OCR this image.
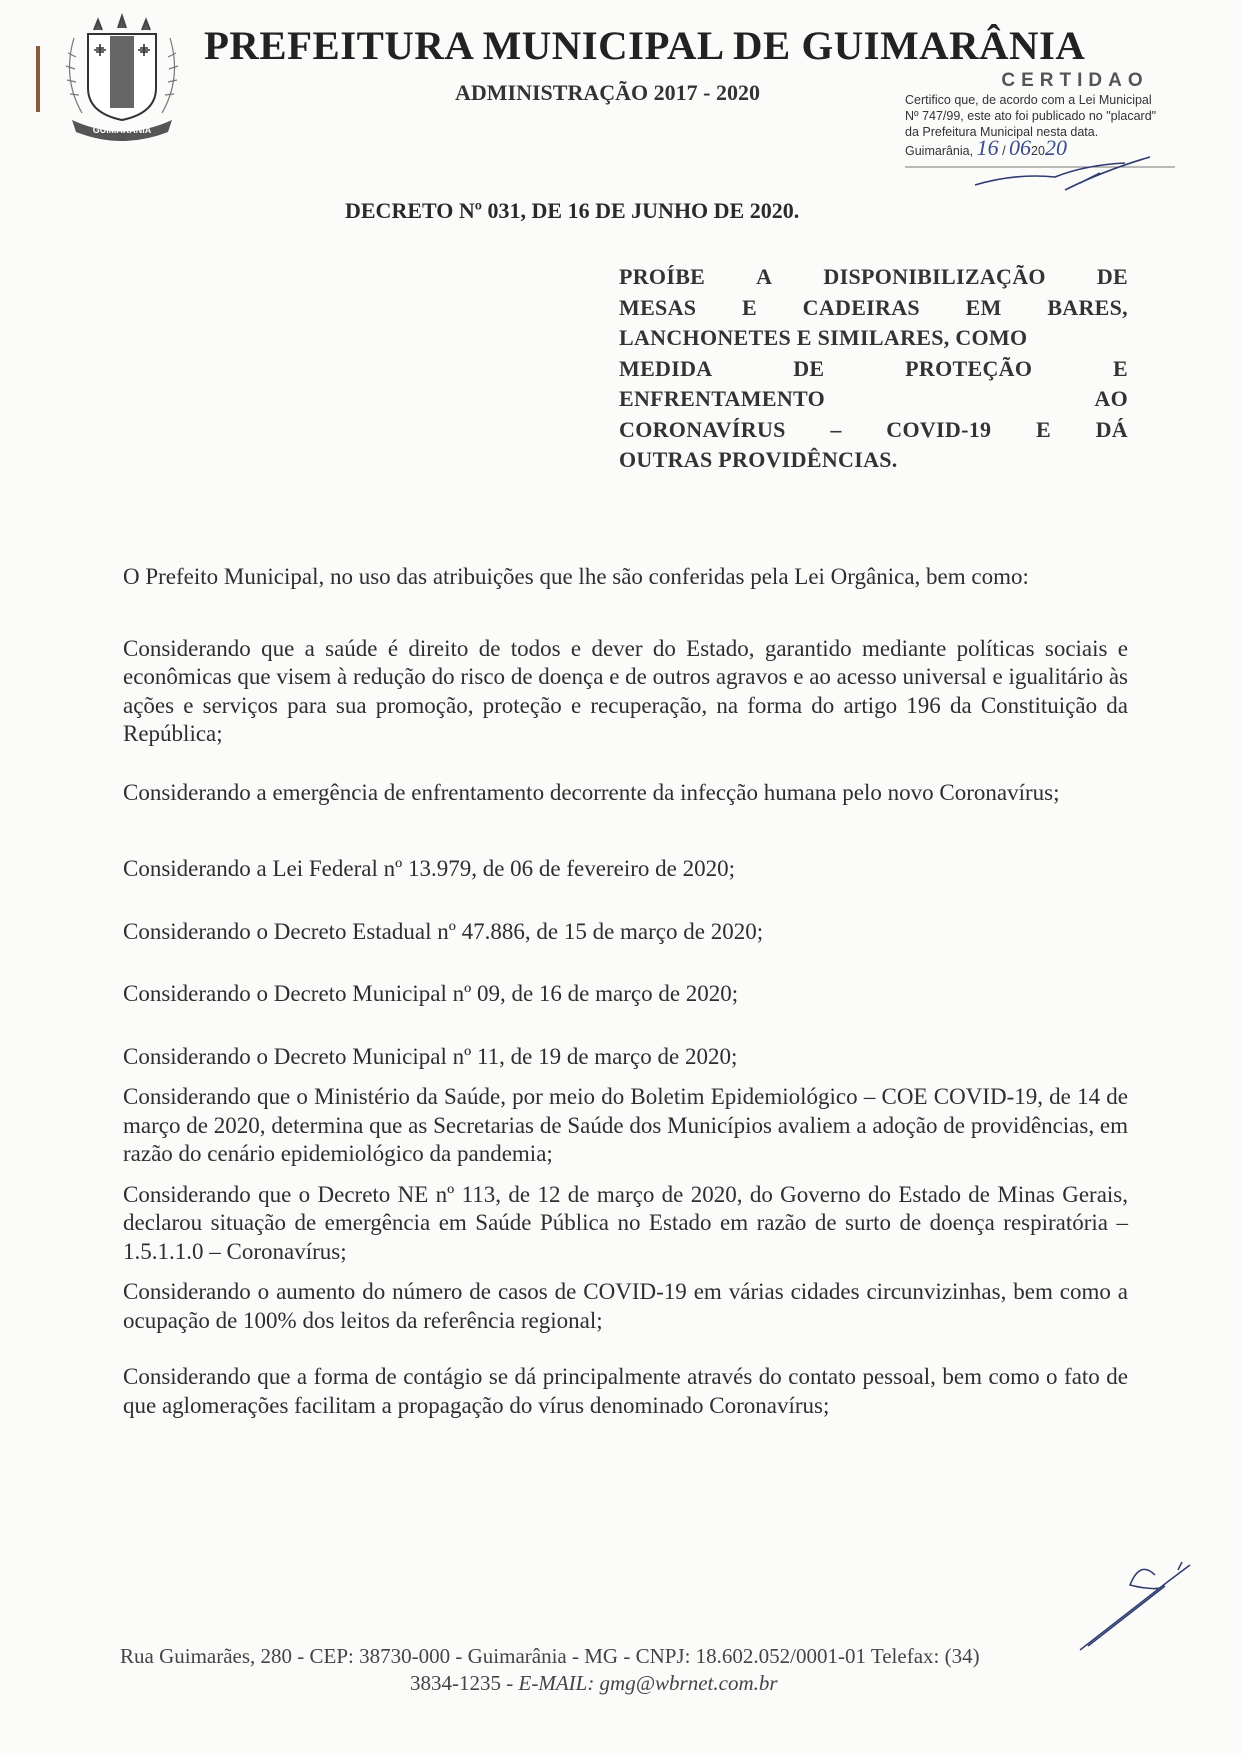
GUIMARÂNIA
PREFEITURA MUNICIPAL DE GUIMARÂNIA
ADMINISTRAÇÃO 2017 - 2020	CERTIDAO
Certifico que, de acordo com a Lei Municipal
Nº 747/99, este ato foi publicado no "placard"
da Prefeitura Municipal nesta data.
Guimarânia, 16 / 062020
DECRETO Nº 031, DE 16 DE JUNHO DE 2020.
PROÍBE A DISPONIBILIZAÇÃO DE
MESAS E CADEIRAS EM BARES,
LANCHONETES E SIMILARES, COMO
MEDIDA	DE	PROTEÇÃO	E
ENFRENTAMENTO	AO
CORONAVÍRUS – COVID-19 E DÁ
OUTRAS PROVIDÊNCIAS.

O Prefeito Municipal, no uso das atribuições que lhe são conferidas pela Lei Orgânica, bem como:

Considerando que a saúde é direito de todos e dever do Estado, garantido mediante políticas sociais e econômicas que visem à redução do risco de doença e de outros agravos e ao acesso universal e igualitário às ações e serviços para sua promoção, proteção e recuperação, na forma do artigo 196 da Constituição da República;

Considerando a emergência de enfrentamento decorrente da infecção humana pelo novo Coronavírus;

Considerando a Lei Federal nº 13.979, de 06 de fevereiro de 2020;

Considerando o Decreto Estadual nº 47.886, de 15 de março de 2020;

Considerando o Decreto Municipal nº 09, de 16 de março de 2020;

Considerando o Decreto Municipal nº 11, de 19 de março de 2020;

Considerando que o Ministério da Saúde, por meio do Boletim Epidemiológico – COE COVID-19, de 14 de março de 2020, determina que as Secretarias de Saúde dos Municípios avaliem a adoção de providências, em razão do cenário epidemiológico da pandemia;

Considerando que o Decreto NE nº 113, de 12 de março de 2020, do Governo do Estado de Minas Gerais, declarou situação de emergência em Saúde Pública no Estado em razão de surto de doença respiratória – 1.5.1.1.0 – Coronavírus;

Considerando o aumento do número de casos de COVID-19 em várias cidades circunvizinhas, bem como a ocupação de 100% dos leitos da referência regional;

Considerando que a forma de contágio se dá principalmente através do contato pessoal, bem como o fato de que aglomerações facilitam a propagação do vírus denominado Coronavírus;

Rua Guimarães, 280 - CEP: 38730-000 - Guimarânia - MG - CNPJ: 18.602.052/0001-01 Telefax: (34)
3834-1235 - E-MAIL: gmg@wbrnet.com.br
